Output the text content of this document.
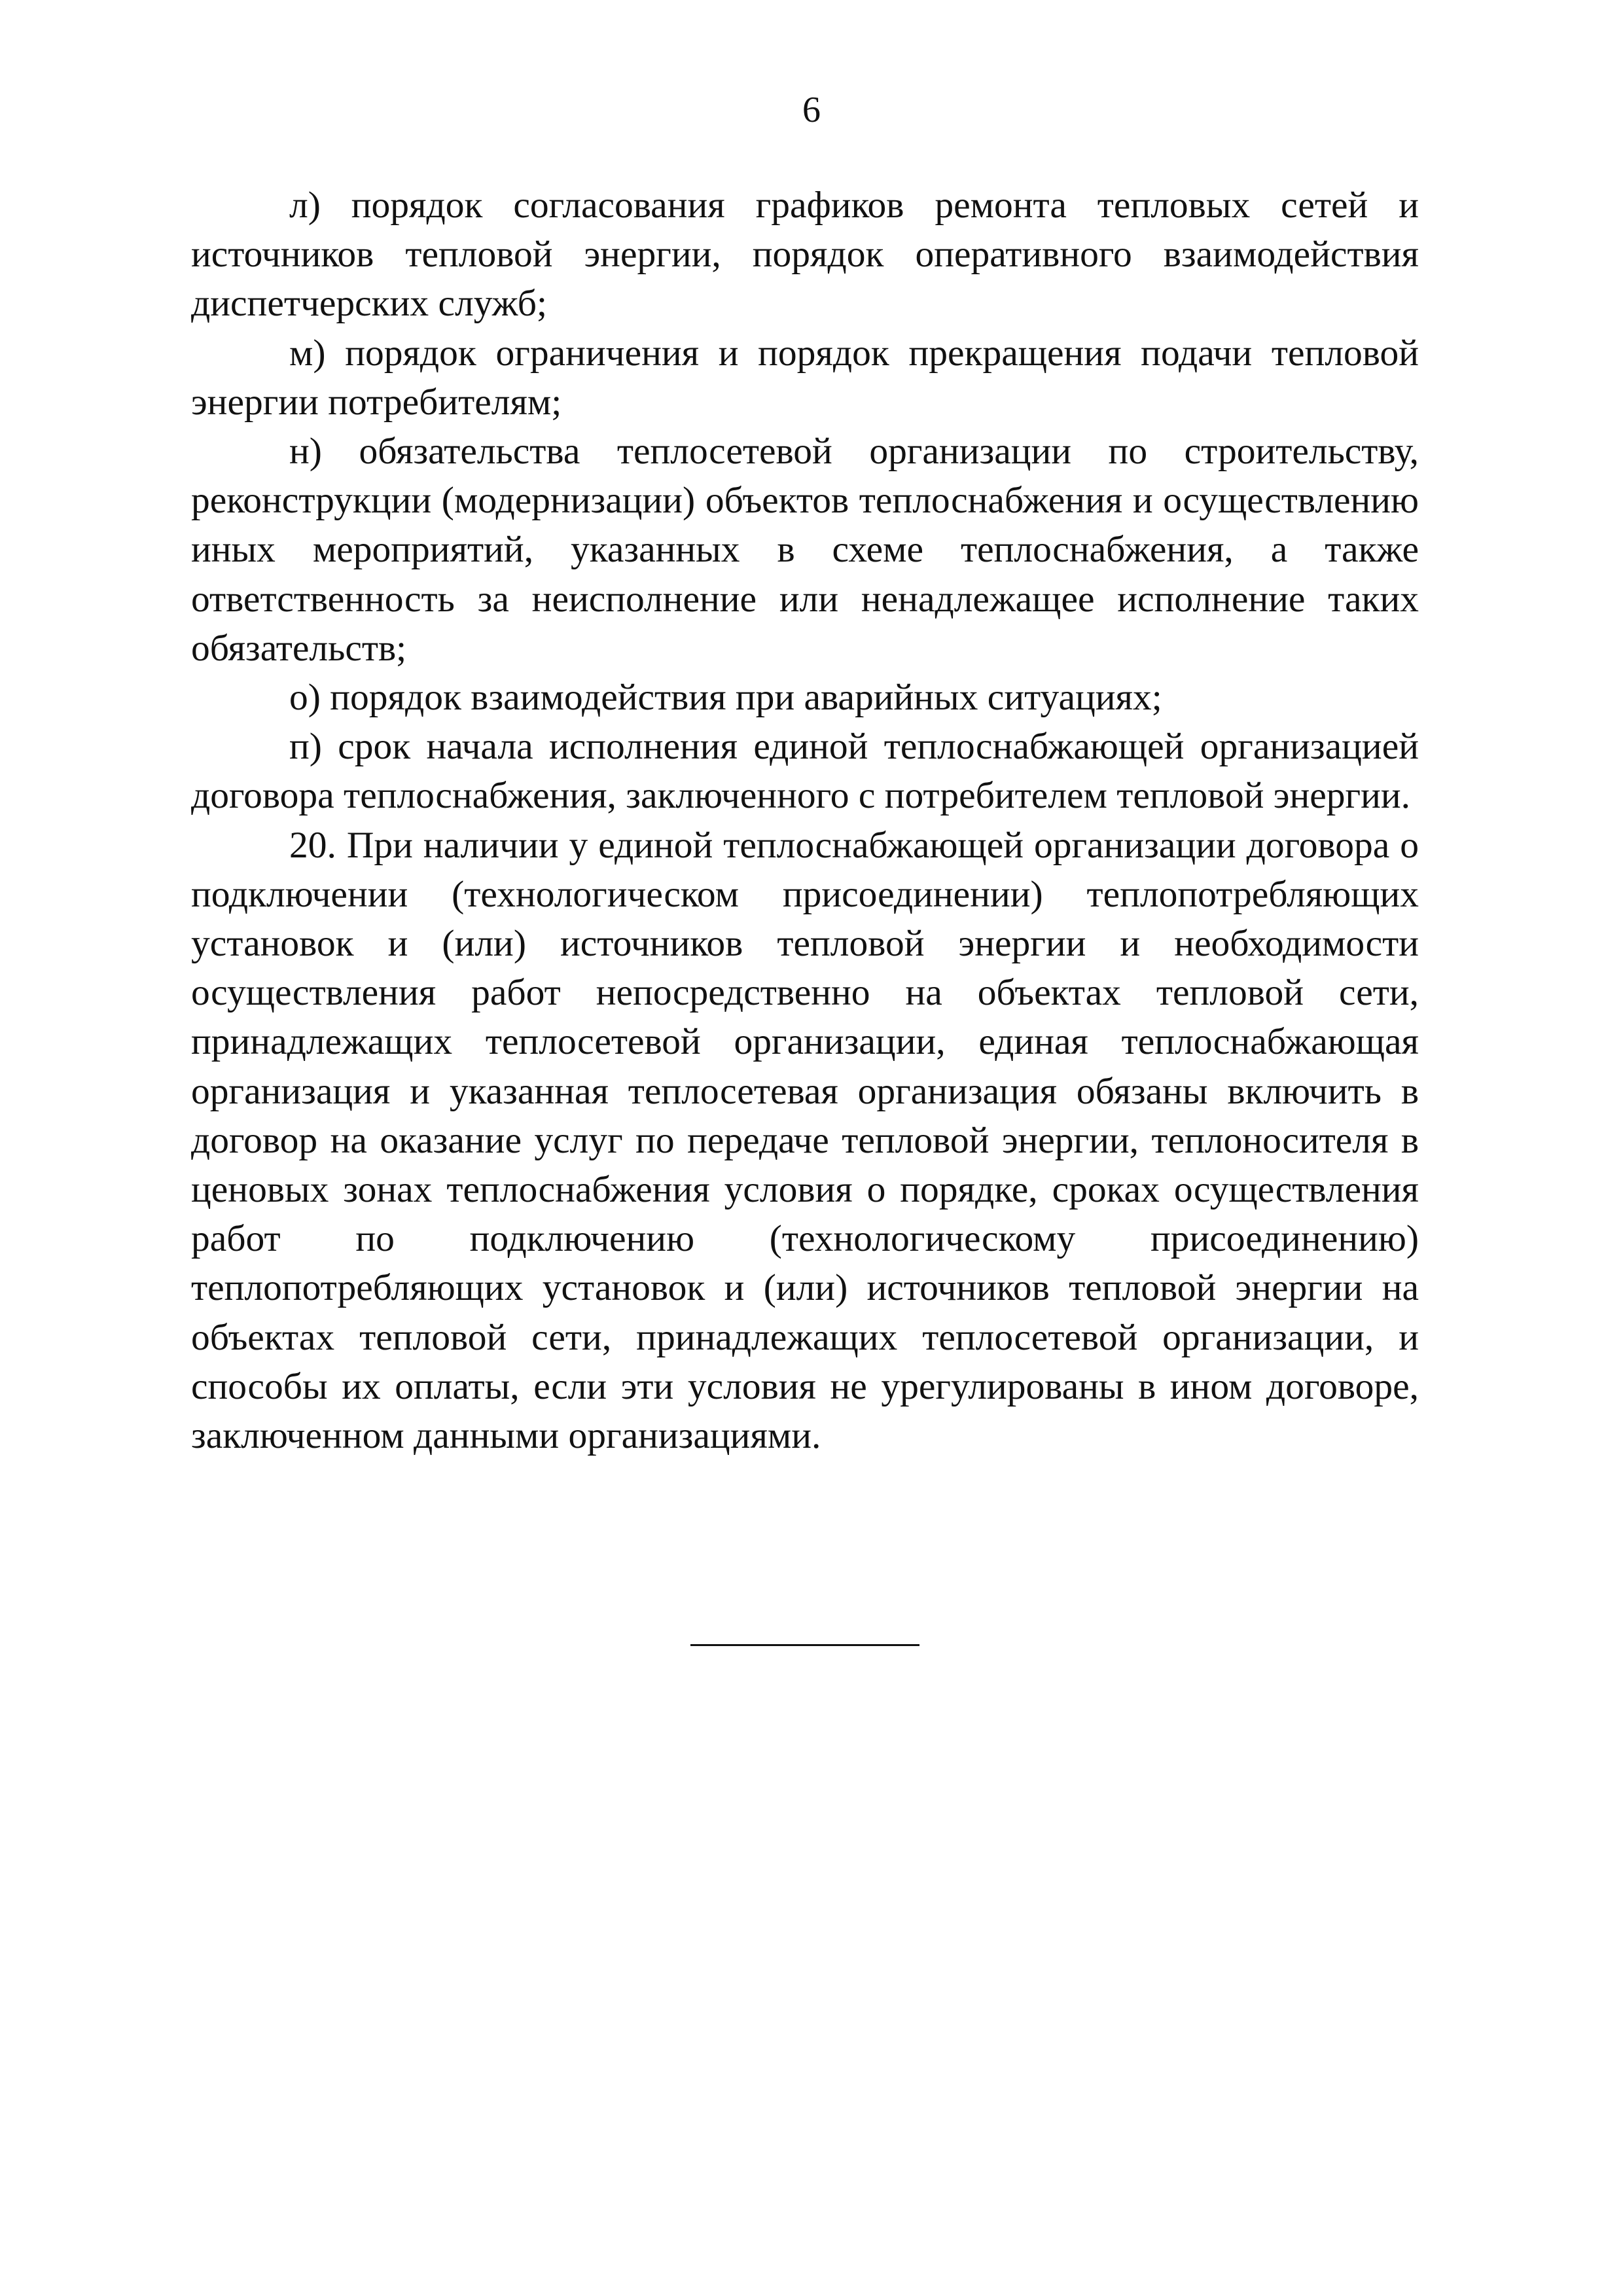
6

л) порядок согласования графиков ремонта тепловых сетей и источников тепловой энергии, порядок оперативного взаимодействия диспетчерских служб;

м) порядок ограничения и порядок прекращения подачи тепловой энергии потребителям;

н) обязательства теплосетевой организации по строительству, реконструкции (модернизации) объектов теплоснабжения и осуществлению иных мероприятий, указанных в схеме теплоснабжения, а также ответственность за неисполнение или ненадлежащее исполнение таких обязательств;

о) порядок взаимодействия при аварийных ситуациях;

п) срок начала исполнения единой теплоснабжающей организацией договора теплоснабжения, заключенного с потребителем тепловой энергии.

20. При наличии у единой теплоснабжающей организации договора о подключении (технологическом присоединении) теплопотребляющих установок и (или) источников тепловой энергии и необходимости осуществления работ непосредственно на объектах тепловой сети, принадлежащих теплосетевой организации, единая теплоснабжающая организация и указанная теплосетевая организация обязаны включить в договор на оказание услуг по передаче тепловой энергии, теплоносителя в ценовых зонах теплоснабжения условия о порядке, сроках осуществления работ по подключению (технологическому присоединению) теплопотребляющих установок и (или) источников тепловой энергии на объектах тепловой сети, принадлежащих теплосетевой организации, и способы их оплаты, если эти условия не урегулированы в ином договоре, заключенном данными организациями.
